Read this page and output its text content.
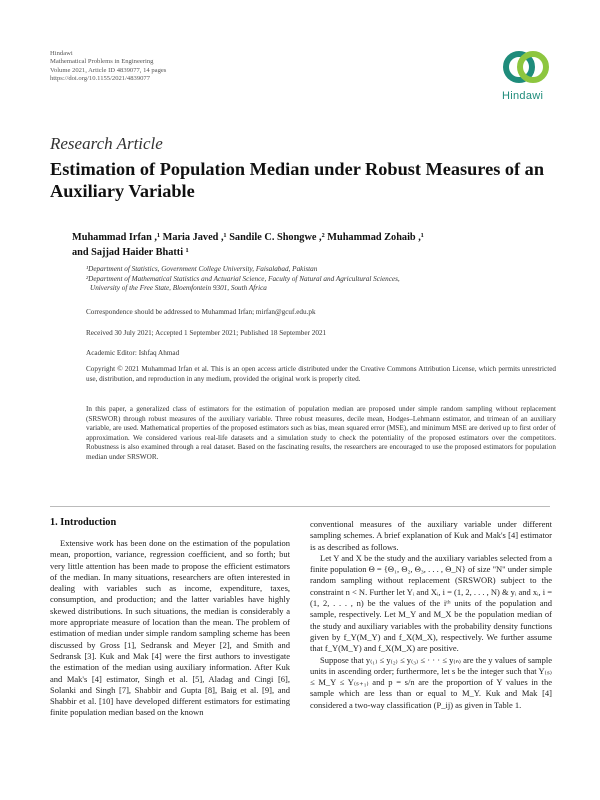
Hindawi
Mathematical Problems in Engineering
Volume 2021, Article ID 4839077, 14 pages
https://doi.org/10.1155/2021/4839077
Hindawi
Research Article
Estimation of Population Median under Robust Measures of an Auxiliary Variable
Muhammad Irfan ,¹ Maria Javed ,¹ Sandile C. Shongwe ,² Muhammad Zohaib ,¹
and Sajjad Haider Bhatti ¹
¹Department of Statistics, Government College University, Faisalabad, Pakistan
²Department of Mathematical Statistics and Actuarial Science, Faculty of Natural and Agricultural Sciences,
University of the Free State, Bloemfontein 9301, South Africa
Correspondence should be addressed to Muhammad Irfan; mirfan@gcuf.edu.pk
Received 30 July 2021; Accepted 1 September 2021; Published 18 September 2021
Academic Editor: Ishfaq Ahmad
Copyright © 2021 Muhammad Irfan et al. This is an open access article distributed under the Creative Commons Attribution License, which permits unrestricted use, distribution, and reproduction in any medium, provided the original work is properly cited.
In this paper, a generalized class of estimators for the estimation of population median are proposed under simple random sampling without replacement (SRSWOR) through robust measures of the auxiliary variable. Three robust measures, decile mean, Hodges–Lehmann estimator, and trimean of an auxiliary variable, are used. Mathematical properties of the proposed estimators such as bias, mean squared error (MSE), and minimum MSE are derived up to first order of approximation. We considered various real-life datasets and a simulation study to check the potentiality of the proposed estimators over the competitors. Robustness is also examined through a real dataset. Based on the fascinating results, the researchers are encouraged to use the proposed estimators for population median under SRSWOR.
1. Introduction

Extensive work has been done on the estimation of the population mean, proportion, variance, regression coefficient, and so forth; but very little attention has been made to propose the efficient estimators of the median. In many situations, researchers are often interested in dealing with variables such as income, expenditure, taxes, consumption, and production; and the latter variables have highly skewed distributions. In such situations, the median is considerably a more appropriate measure of location than the mean. The problem of estimation of median under simple random sampling scheme has been discussed by Gross [1], Sedransk and Meyer [2], and Smith and Sedransk [3]. Kuk and Mak [4] were the first authors to investigate the estimation of the median using auxiliary information. After Kuk and Mak's [4] estimator, Singh et al. [5], Aladag and Cingi [6], Solanki and Singh [7], Shabbir and Gupta [8], Baig et al. [9], and Shabbir et al. [10] have developed different estimators for estimating finite population median based on the known

conventional measures of the auxiliary variable under different sampling schemes. A brief explanation of Kuk and Mak's [4] estimator is as described as follows.

Let Y and X be the study and the auxiliary variables selected from a finite population Θ = {Θ₁, Θ₂, Θ₃, . . . , Θ_N} of size "N" under simple random sampling without replacement (SRSWOR) subject to the constraint n < N. Further let Yᵢ and Xᵢ, i = (1, 2, . . . , N) & yᵢ and xᵢ, i = (1, 2, . . . , n) be the values of the iᵗʰ units of the population and sample, respectively. Let M_Y and M_X be the population median of the study and auxiliary variables with the probability density functions given by f_Y(M_Y) and f_X(M_X), respectively. We further assume that f_Y(M_Y) and f_X(M_X) are positive.

Suppose that y₍₁₎ ≤ y₍₂₎ ≤ y₍₃₎ ≤ · · · ≤ y₍ₙ₎ are the y values of sample units in ascending order; furthermore, let s be the integer such that Y₍ₛ₎ ≤ M_Y ≤ Y₍ₛ₊₁₎ and p = s/n are the proportion of Y values in the sample which are less than or equal to M_Y. Kuk and Mak [4] considered a two-way classification (P_ij) as given in Table 1.
